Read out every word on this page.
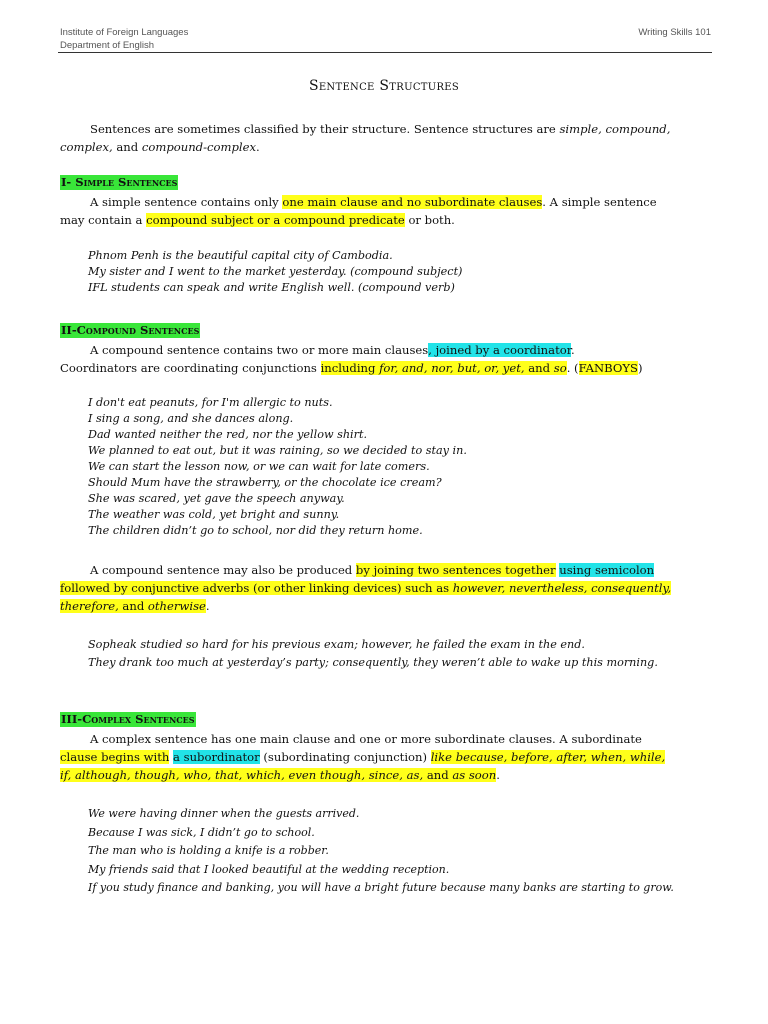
Institute of Foreign Languages
Department of English
Writing Skills 101
Sentence Structures
Sentences are sometimes classified by their structure. Sentence structures are simple, compound,
complex, and compound-complex.
I- Simple Sentences
A simple sentence contains only one main clause and no subordinate clauses. A simple sentence
may contain a compound subject or a compound predicate or both.
Phnom Penh is the beautiful capital city of Cambodia.
My sister and I went to the market yesterday. (compound subject)
IFL students can speak and write English well. (compound verb)
II-Compound Sentences
A compound sentence contains two or more main clauses, joined by a coordinator.
Coordinators are coordinating conjunctions including for, and, nor, but, or, yet, and so. (FANBOYS)
I don't eat peanuts, for I'm allergic to nuts.
I sing a song, and she dances along.
Dad wanted neither the red, nor the yellow shirt.
We planned to eat out, but it was raining, so we decided to stay in.
We can start the lesson now, or we can wait for late comers.
Should Mum have the strawberry, or the chocolate ice cream?
She was scared, yet gave the speech anyway.
The weather was cold, yet bright and sunny.
The children didn’t go to school, nor did they return home.
A compound sentence may also be produced by joining two sentences together using semicolon
followed by conjunctive adverbs (or other linking devices) such as however, nevertheless, consequently,
therefore, and otherwise.
Sopheak studied so hard for his previous exam; however, he failed the exam in the end.
They drank too much at yesterday’s party; consequently, they weren’t able to wake up this morning.
III-Complex Sentences
A complex sentence has one main clause and one or more subordinate clauses. A subordinate
clause begins with a subordinator (subordinating conjunction) like because, before, after, when, while,
if, although, though, who, that, which, even though, since, as, and as soon.
We were having dinner when the guests arrived.
Because I was sick, I didn’t go to school.
The man who is holding a knife is a robber.
My friends said that I looked beautiful at the wedding reception.
If you study finance and banking, you will have a bright future because many banks are starting to grow.
